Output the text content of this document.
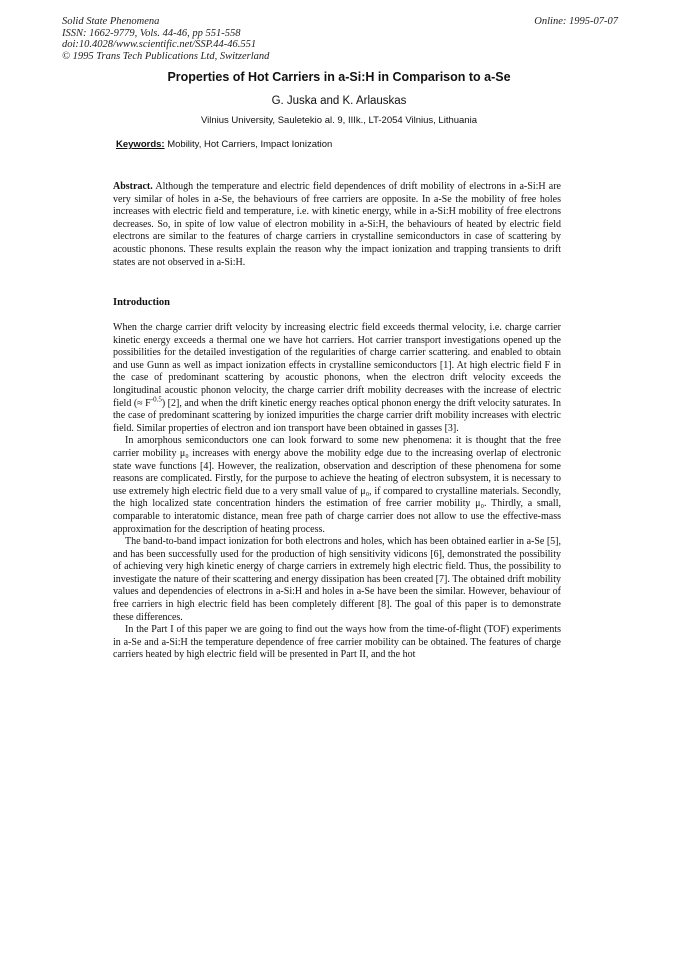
Solid State Phenomena
ISSN: 1662-9779, Vols. 44-46, pp 551-558
doi:10.4028/www.scientific.net/SSP.44-46.551
© 1995 Trans Tech Publications Ltd, Switzerland
Online: 1995-07-07
Properties of Hot Carriers in a-Si:H in Comparison to a-Se
G. Juska and K. Arlauskas
Vilnius University, Sauletekio al. 9, IIIk., LT-2054 Vilnius, Lithuania
Keywords: Mobility, Hot Carriers, Impact Ionization
Abstract. Although the temperature and electric field dependences of drift mobility of electrons in a-Si:H are very similar of holes in a-Se, the behaviours of free carriers are opposite. In a-Se the mobility of free holes increases with electric field and temperature, i.e. with kinetic energy, while in a-Si:H mobility of free electrons decreases. So, in spite of low value of electron mobility in a-Si:H, the behaviours of heated by electric field electrons are similar to the features of charge carriers in crystalline semiconductors in case of scattering by acoustic phonons. These results explain the reason why the impact ionization and trapping transients to drift states are not observed in a-Si:H.
Introduction

When the charge carrier drift velocity by increasing electric field exceeds thermal velocity, i.e. charge carrier kinetic energy exceeds a thermal one we have hot carriers. Hot carrier transport investigations opened up the possibilities for the detailed investigation of the regularities of charge carrier scattering. and enabled to obtain and use Gunn as well as impact ionization effects in crystalline semiconductors [1]. At high electric field F in the case of predominant scattering by acoustic phonons, when the electron drift velocity exceeds the longitudinal acoustic phonon velocity, the charge carrier drift mobility decreases with the increase of electric field (≈ $F^{-0.5}$) [2], and when the drift kinetic energy reaches optical phonon energy the drift velocity saturates. In the case of predominant scattering by ionized impurities the charge carrier drift mobility increases with electric field. Similar properties of electron and ion transport have been obtained in gasses [3].

In amorphous semiconductors one can look forward to some new phenomena: it is thought that the free carrier mobility μ₀ increases with energy above the mobility edge due to the increasing overlap of electronic state wave functions [4]. However, the realization, observation and description of these phenomena for some reasons are complicated. Firstly, for the purpose to achieve the heating of electron subsystem, it is necessary to use extremely high electric field due to a very small value of μ₀, if compared to crystalline materials. Secondly, the high localized state concentration hinders the estimation of free carrier mobility μ₀. Thirdly, a small, comparable to interatomic distance, mean free path of charge carrier does not allow to use the effective-mass approximation for the description of heating process.

The band-to-band impact ionization for both electrons and holes, which has been obtained earlier in a-Se [5], and has been successfully used for the production of high sensitivity vidicons [6], demonstrated the possibility of achieving very high kinetic energy of charge carriers in extremely high electric field. Thus, the possibility to investigate the nature of their scattering and energy dissipation has been created [7]. The obtained drift mobility values and dependencies of electrons in a-Si:H and holes in a-Se have been the similar. However, behaviour of free carriers in high electric field has been completely different [8]. The goal of this paper is to demonstrate these differences.

In the Part I of this paper we are going to find out the ways how from the time-of-flight (TOF) experiments in a-Se and a-Si:H the temperature dependence of free carrier mobility can be obtained. The features of charge carriers heated by high electric field will be presented in Part II, and the hot
